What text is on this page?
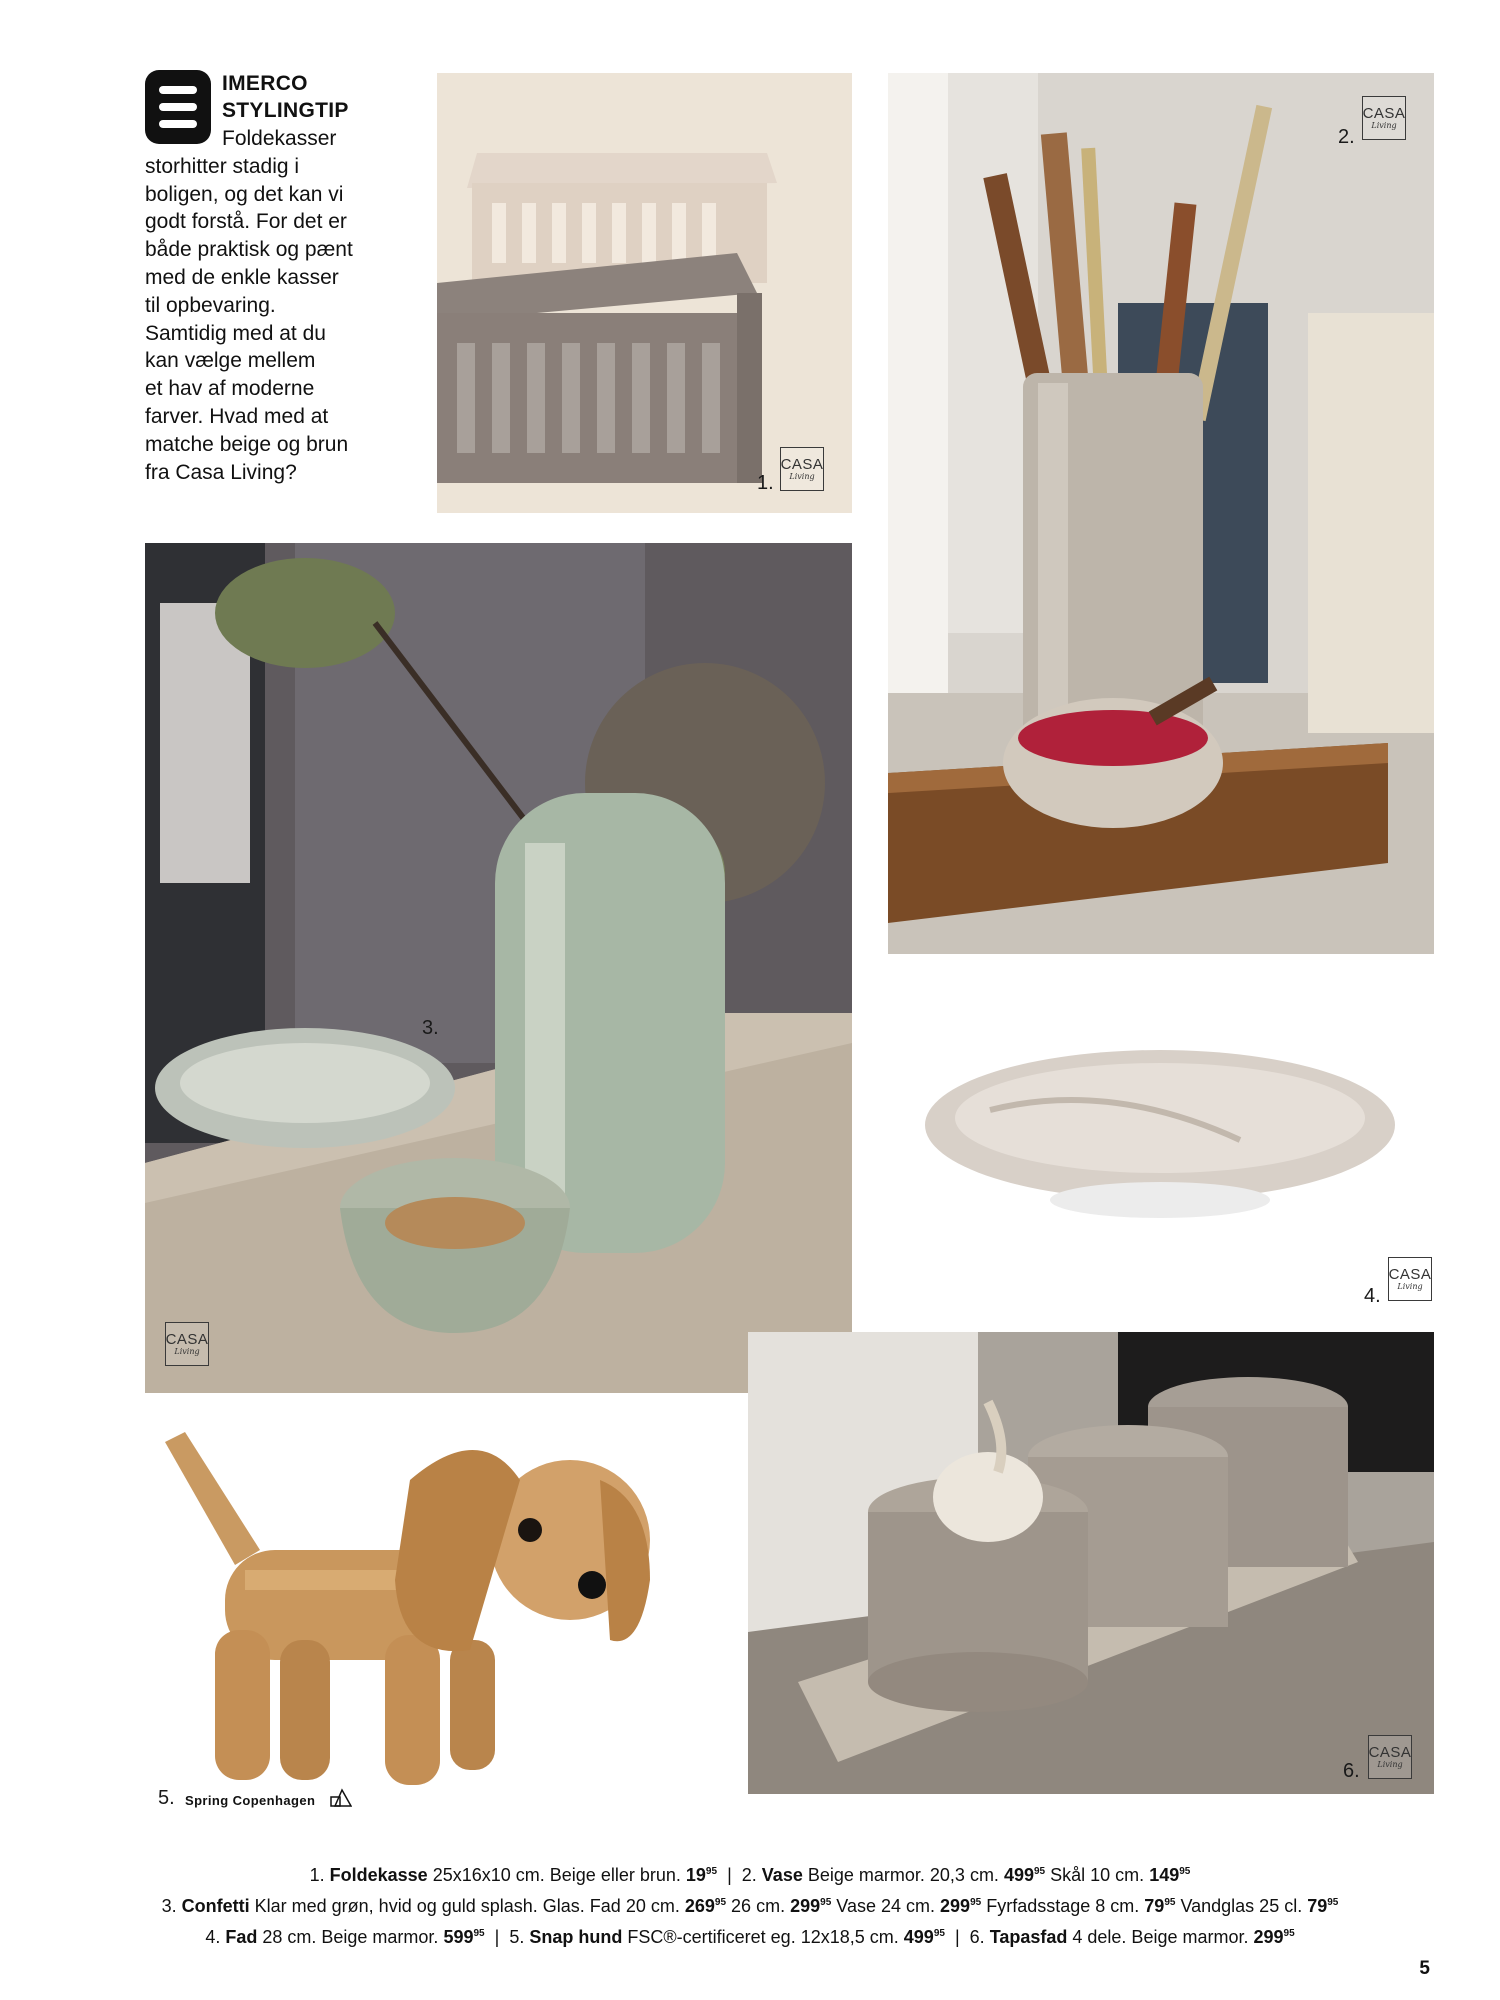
IMERCO
STYLINGTIP
Foldekasser
storhitter stadig i
boligen, og det kan vi
godt forstå. For det er
både praktisk og pænt
med de enkle kasser
til opbevaring.
Samtidig med at du
kan vælge mellem
et hav af moderne
farver. Hvad med at
matche beige og brun
fra Casa Living?	1.
CASA
Living
2.
CASA
Living
3.
CASA
Living
4.
CASA
Living
5. Spring Copenhagen
6.
CASA
Living
1. Foldekasse 25x16x10 cm. Beige eller brun. $19^{95}$ | 2. Vase Beige marmor. 20,3 cm. $499^{95}$ Skål 10 cm. $149^{95}$
3. Confetti Klar med grøn, hvid og guld splash. Glas. Fad 20 cm. $269^{95}$ 26 cm. $299^{95}$ Vase 24 cm. $299^{95}$ Fyrfadsstage 8 cm. $79^{95}$ Vandglas 25 cl. $79^{95}$
4. Fad 28 cm. Beige marmor. $599^{95}$ | 5. Snap hund FSC®-certificeret eg. 12x18,5 cm. $499^{95}$ | 6. Tapasfad 4 dele. Beige marmor. $299^{95}$
5
